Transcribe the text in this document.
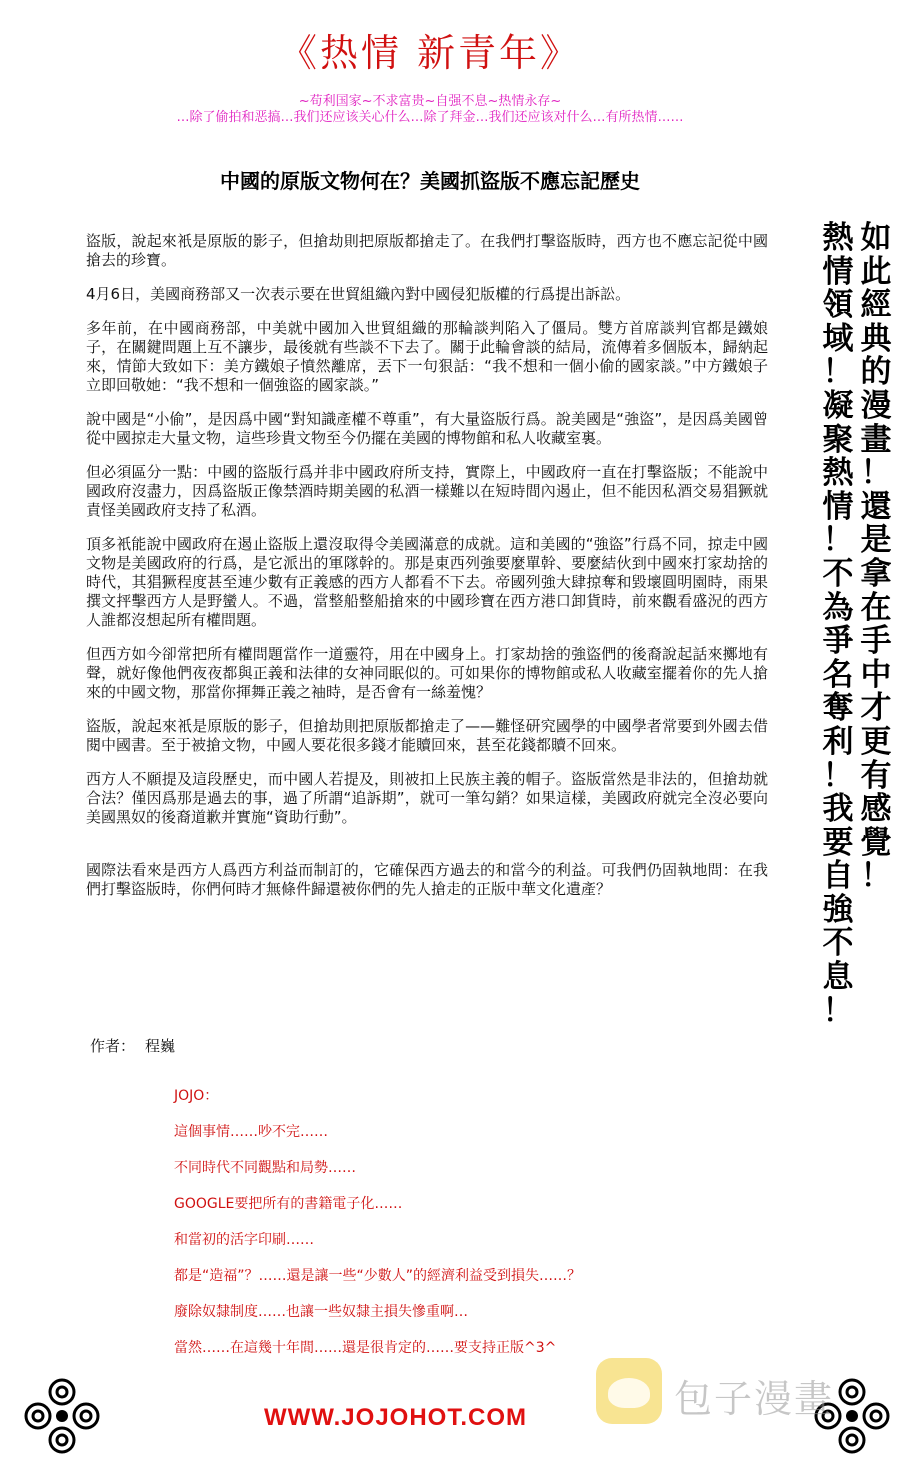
《热情 新青年》
~苟利国家~不求富贵~自强不息~热情永存~
…除了偷拍和恶搞…我们还应该关心什么…除了拜金…我们还应该对什么…有所热情……
中國的原版文物何在？美國抓盜版不應忘記歷史

盜版，說起來衹是原版的影子，但搶劫則把原版都搶走了。在我們打擊盜版時，西方也不應忘記從中國搶去的珍寶。

4月6日，美國商務部又一次表示要在世貿組織內對中國侵犯版權的行爲提出訴訟。

多年前，在中國商務部，中美就中國加入世貿組織的那輪談判陷入了僵局。雙方首席談判官都是鐵娘子，在關鍵問題上互不讓步，最後就有些談不下去了。關于此輪會談的結局，流傳着多個版本，歸納起來，情節大致如下：美方鐵娘子憤然離席，丟下一句狠話：“我不想和一個小偷的國家談。”中方鐵娘子立即回敬她：“我不想和一個強盜的國家談。”

說中國是“小偷”，是因爲中國“對知識產權不尊重”，有大量盜版行爲。說美國是“強盜”，是因爲美國曾從中國掠走大量文物，這些珍貴文物至今仍擺在美國的博物館和私人收藏室裏。

但必須區分一點：中國的盜版行爲并非中國政府所支持，實際上，中國政府一直在打擊盜版；不能說中國政府沒盡力，因爲盜版正像禁酒時期美國的私酒一樣難以在短時間內遏止，但不能因私酒交易猖獗就責怪美國政府支持了私酒。

頂多衹能說中國政府在遏止盜版上還沒取得令美國滿意的成就。這和美國的“強盜”行爲不同，掠走中國文物是美國政府的行爲，是它派出的軍隊幹的。那是東西列強要麼單幹、要麼結伙到中國來打家劫捨的時代，其猖獗程度甚至連少數有正義感的西方人都看不下去。帝國列強大肆掠奪和毀壞圓明園時，雨果撰文抨擊西方人是野蠻人。不過，當整船整船搶來的中國珍寶在西方港口卸貨時，前來觀看盛況的西方人誰都沒想起所有權問題。

但西方如今卻常把所有權問題當作一道靈符，用在中國身上。打家劫捨的強盜們的後裔說起話來擲地有聲，就好像他們夜夜都與正義和法律的女神同眠似的。可如果你的博物館或私人收藏室擺着你的先人搶來的中國文物，那當你揮舞正義之袖時，是否會有一絲羞愧？

盜版，說起來衹是原版的影子，但搶劫則把原版都搶走了——難怪研究國學的中國學者常要到外國去借閱中國書。至于被搶文物，中國人要花很多錢才能贖回來，甚至花錢都贖不回來。

西方人不願提及這段歷史，而中國人若提及，則被扣上民族主義的帽子。盜版當然是非法的，但搶劫就合法？僅因爲那是過去的事，過了所謂“追訴期”，就可一筆勾銷？如果這樣，美國政府就完全沒必要向美國黑奴的後裔道歉并實施“資助行動”。

國際法看來是西方人爲西方利益而制訂的，它確保西方過去的和當今的利益。可我們仍固執地問：在我們打擊盜版時，你們何時才無條件歸還被你們的先人搶走的正版中華文化遺產？

作者： 程巍
JOJO：
這個事情……吵不完……
不同時代不同觀點和局勢……
GOOGLE要把所有的書籍電子化……
和當初的活字印刷……
都是“造福”？……還是讓一些“少數人”的經濟利益受到損失……？
廢除奴隸制度……也讓一些奴隸主損失慘重啊…
當然……在這幾十年間……還是很肯定的……要支持正版^3^
熱
情
領
域
！
凝
聚
熱
情
！
不
為
爭
名
奪
利
！
我
要
自
強
不
息
！
如
此
經
典
的
漫
畫
！
還
是
拿
在
手
中
才
更
有
感
覺
！
WWW.JOJOHOT.COM	包子漫畫
